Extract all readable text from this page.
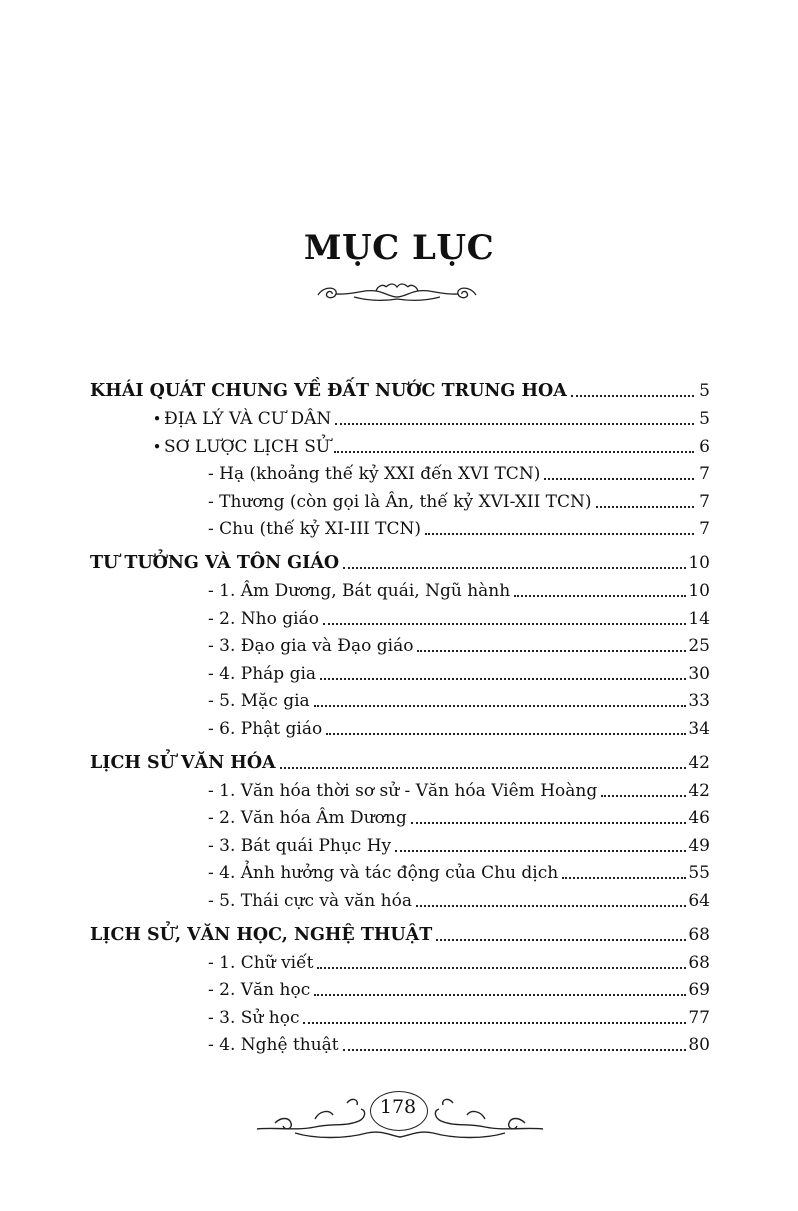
MỤC LỤC
KHÁI QUÁT CHUNG VỀ ĐẤT NƯỚC TRUNG HOA	5
• ĐỊA LÝ VÀ CƯ DÂN	5
• SƠ LƯỢC LỊCH SỬ	6
- Hạ (khoảng thế kỷ XXI đến XVI TCN)	7
- Thương (còn gọi là Ân, thế kỷ XVI-XII TCN)	7
- Chu (thế kỷ XI-III TCN)	7
TƯ TƯỞNG VÀ TÔN GIÁO	10
- 1. Âm Dương, Bát quái, Ngũ hành	10
- 2. Nho giáo	14
- 3. Đạo gia và Đạo giáo	25
- 4. Pháp gia	30
- 5. Mặc gia	33
- 6. Phật giáo	34
LỊCH SỬ VĂN HÓA	42
- 1. Văn hóa thời sơ sử - Văn hóa Viêm Hoàng	42
- 2. Văn hóa Âm Dương	46
- 3. Bát quái Phục Hy	49
- 4. Ảnh hưởng và tác động của Chu dịch	55
- 5. Thái cực và văn hóa	64
LỊCH SỬ, VĂN HỌC, NGHỆ THUẬT	68
- 1. Chữ viết	68
- 2. Văn học	69
- 3. Sử học	77
- 4. Nghệ thuật	80
178
